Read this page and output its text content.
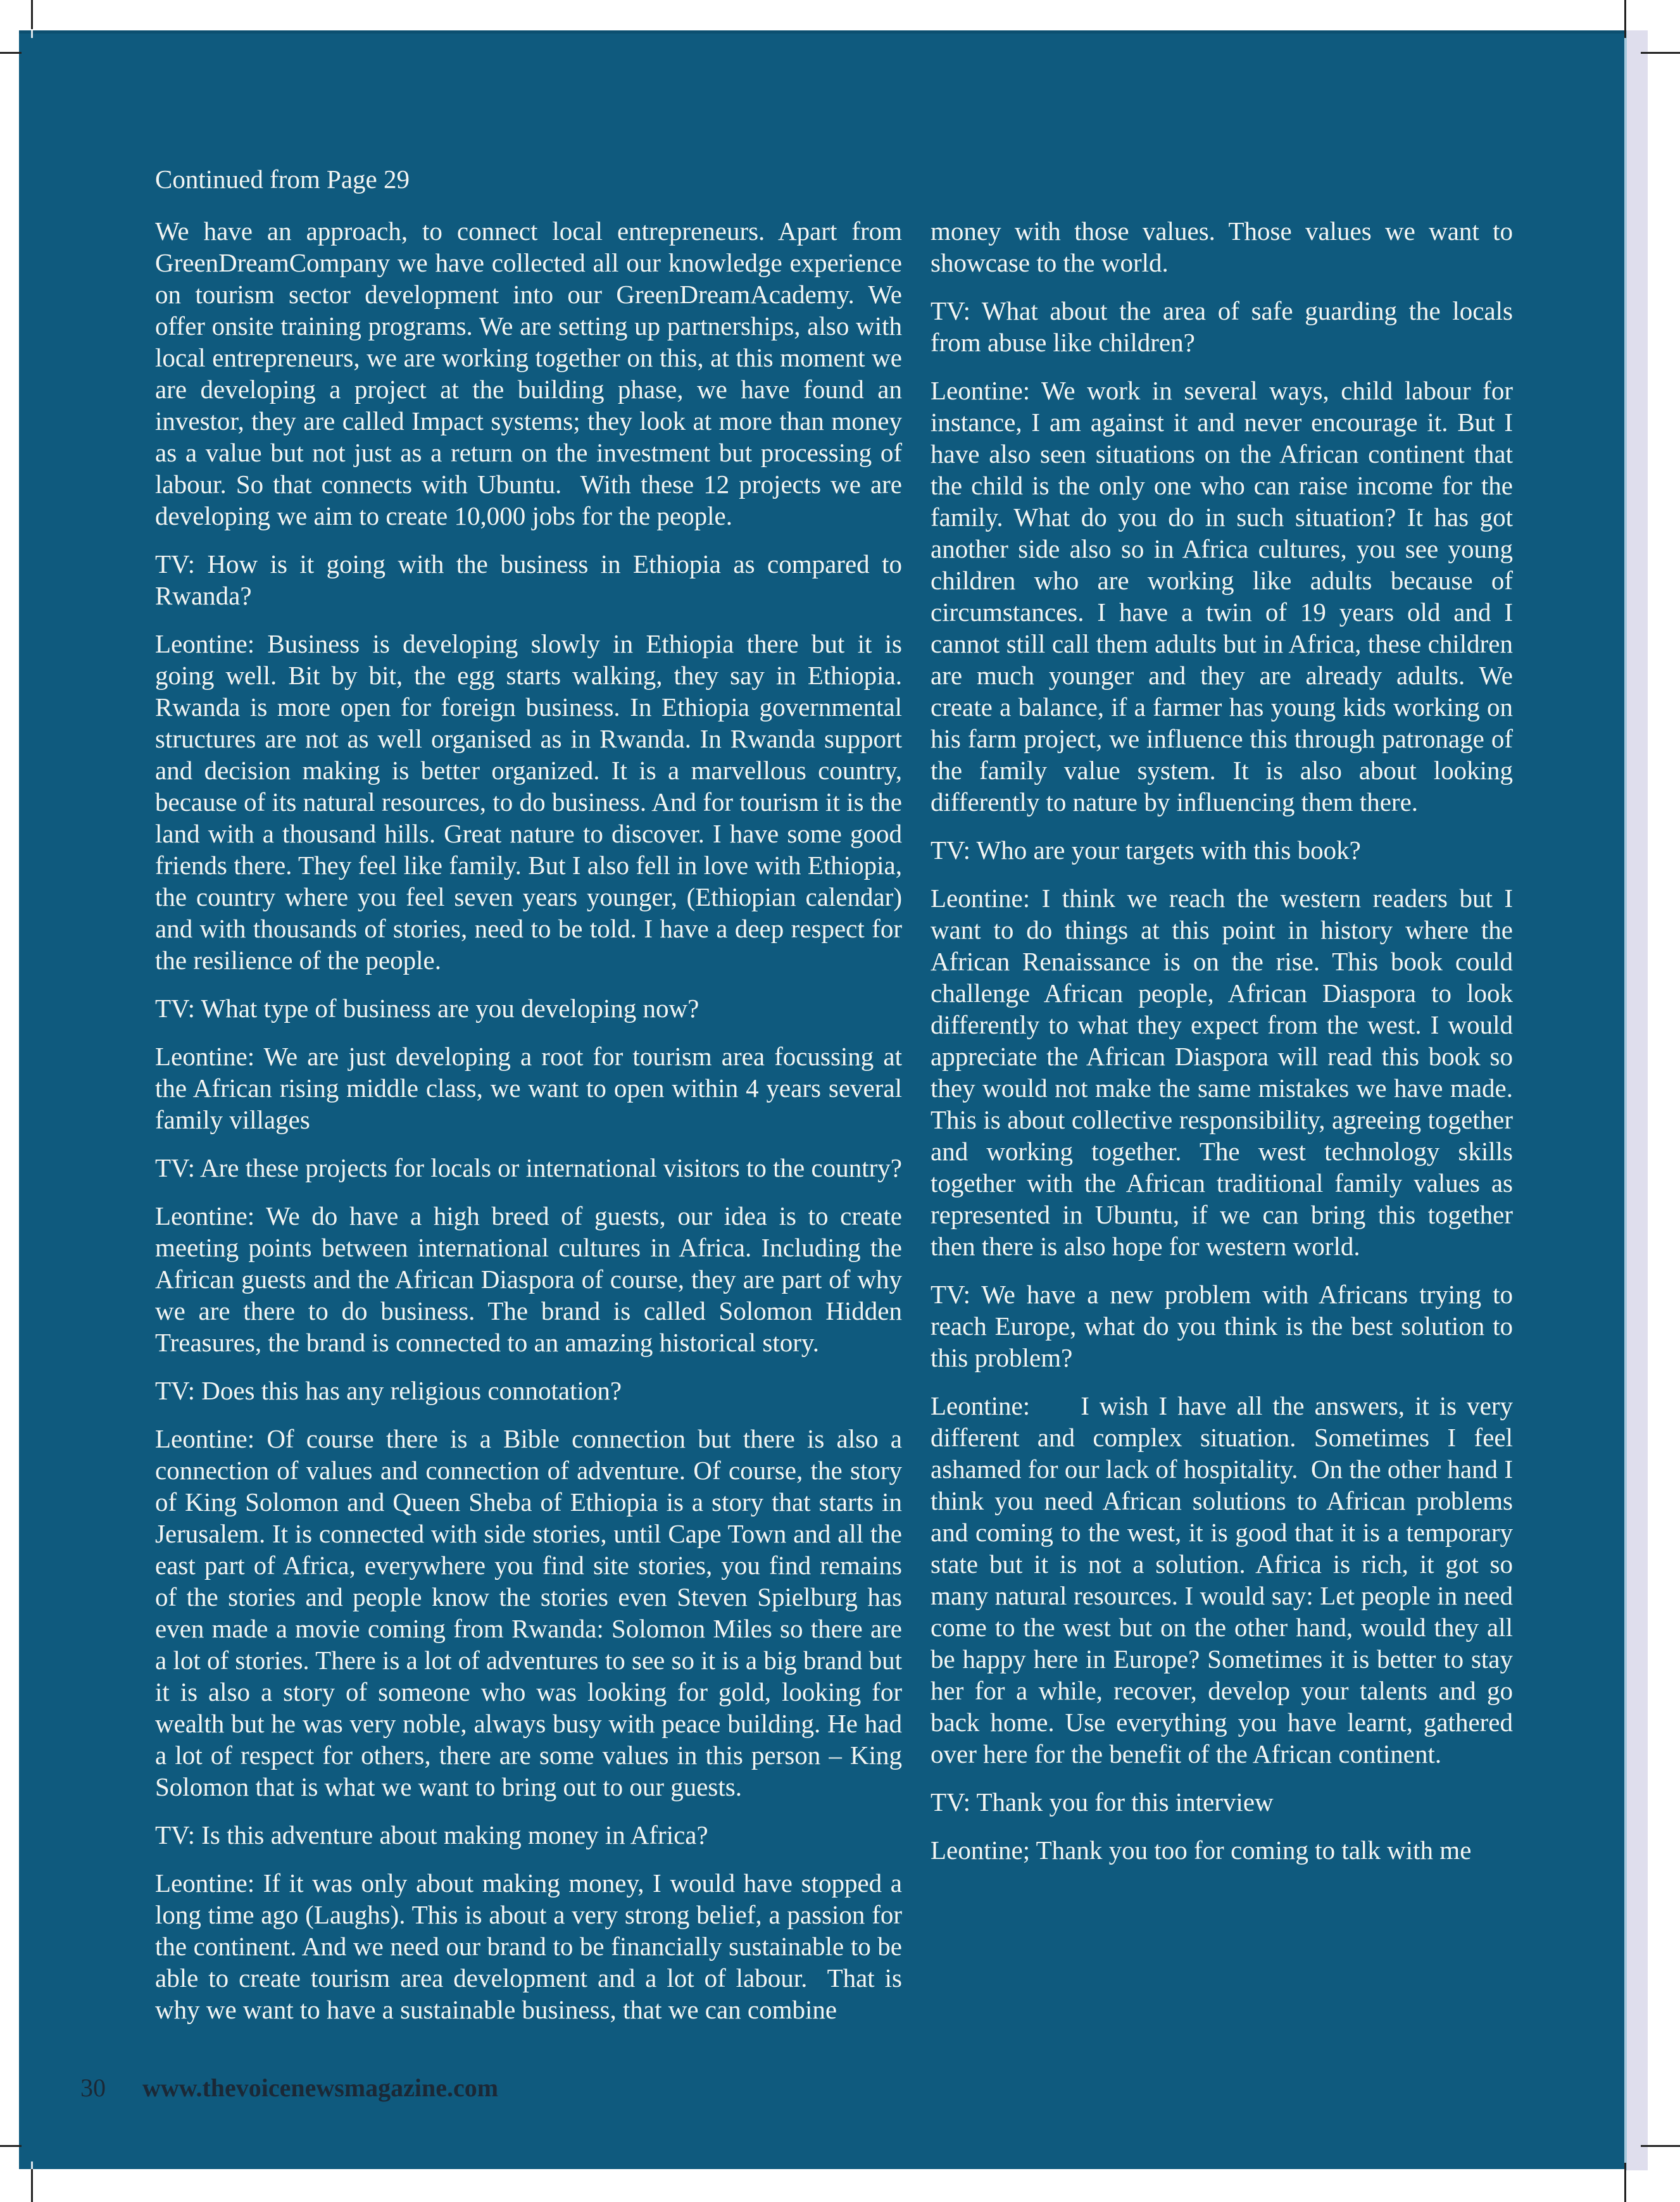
Continued from Page 29

We have an approach, to connect local entrepreneurs. Apart from GreenDreamCompany we have collected all our knowledge experience on tourism sector development into our GreenDreamAcademy. We offer onsite training programs. We are setting up partnerships, also with local entrepreneurs, we are working together on this, at this moment we are developing a project at the building phase, we have found an investor, they are called Impact systems; they look at more than money as a value but not just as a return on the investment but processing of labour. So that connects with Ubuntu.  With these 12 projects we are developing we aim to create 10,000 jobs for the people.

TV: How is it going with the business in Ethiopia as compared to Rwanda?

Leontine: Business is developing slowly in Ethiopia there but it is going well. Bit by bit, the egg starts walking, they say in Ethiopia. Rwanda is more open for foreign business. In Ethiopia governmental structures are not as well organised as in Rwanda. In Rwanda support and decision making is better organized. It is a marvellous country, because of its natural resources, to do business. And for tourism it is the land with a thousand hills. Great nature to discover. I have some good friends there. They feel like family. But I also fell in love with Ethiopia, the country where you feel seven years younger, (Ethiopian calendar) and with thousands of stories, need to be told. I have a deep respect for the resilience of the people.

TV: What type of business are you developing now?

Leontine: We are just developing a root for tourism area focussing at the African rising middle class, we want to open within 4 years several family villages

TV: Are these projects for locals or international visitors to the country?

Leontine: We do have a high breed of guests, our idea is to create meeting points between international cultures in Africa. Including the African guests and the African Diaspora of course, they are part of why we are there to do business. The brand is called Solomon Hidden Treasures, the brand is connected to an amazing historical story.

TV: Does this has any religious connotation?

Leontine: Of course there is a Bible connection but there is also a connection of values and connection of adventure. Of course, the story of King Solomon and Queen Sheba of Ethiopia is a story that starts in Jerusalem. It is connected with side stories, until Cape Town and all the east part of Africa, everywhere you find site stories, you find remains of the stories and people know the stories even Steven Spielburg has even made a movie coming from Rwanda: Solomon Miles so there are a lot of stories. There is a lot of adventures to see so it is a big brand but it is also a story of someone who was looking for gold, looking for wealth but he was very noble, always busy with peace building. He had a lot of respect for others, there are some values in this person – King Solomon that is what we want to bring out to our guests.

TV: Is this adventure about making money in Africa?

Leontine: If it was only about making money, I would have stopped a long time ago (Laughs). This is about a very strong belief, a passion for the continent. And we need our brand to be financially sustainable to be able to create tourism area development and a lot of labour.  That is why we want to have a sustainable business, that we can combine

money with those values. Those values we want to showcase to the world.

TV: What about the area of safe guarding the locals from abuse like children?

Leontine: We work in several ways, child labour for instance, I am against it and never encourage it. But I have also seen situations on the African continent that the child is the only one who can raise income for the family. What do you do in such situation? It has got another side also so in Africa cultures, you see young children who are working like adults because of circumstances. I have a twin of 19 years old and I cannot still call them adults but in Africa, these children are much younger and they are already adults. We create a balance, if a farmer has young kids working on his farm project, we influence this through patronage of the family value system. It is also about looking differently to nature by influencing them there.

TV: Who are your targets with this book?

Leontine: I think we reach the western readers but I want to do things at this point in history where the African Renaissance is on the rise. This book could challenge African people, African Diaspora to look differently to what they expect from the west. I would appreciate the African Diaspora will read this book so they would not make the same mistakes we have made. This is about collective responsibility, agreeing together and working together. The west technology skills together with the African traditional family values as represented in Ubuntu, if we can bring this together then there is also hope for western world.

TV: We have a new problem with Africans trying to reach Europe, what do you think is the best solution to this problem?

Leontine:     I wish I have all the answers, it is very different and complex situation. Sometimes I feel ashamed for our lack of hospitality.  On the other hand I think you need African solutions to African problems and coming to the west, it is good that it is a temporary state but it is not a solution. Africa is rich, it got so many natural resources. I would say: Let people in need come to the west but on the other hand, would they all be happy here in Europe? Sometimes it is better to stay her for a while, recover, develop your talents and go back home. Use everything you have learnt, gathered over here for the benefit of the African continent.

TV: Thank you for this interview

Leontine; Thank you too for coming to talk with me

30 www.thevoicenewsmagazine.com
